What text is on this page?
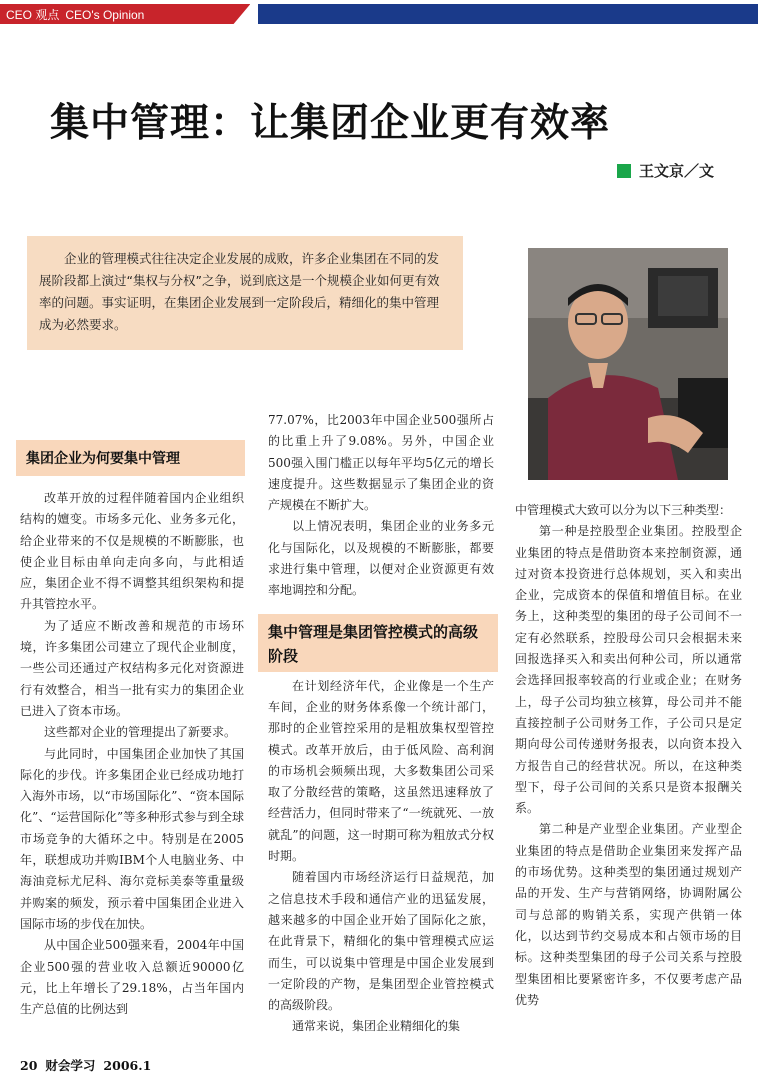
CEO 观点 CEO's Opinion
集中管理：让集团企业更有效率
王文京／文
企业的管理模式往往决定企业发展的成败，许多企业集团在不同的发展阶段都上演过“集权与分权”之争，说到底这是一个规模企业如何更有效率的问题。事实证明，在集团企业发展到一定阶段后，精细化的集中管理成为必然要求。
集团企业为何要集中管理
集中管理是集团管控模式的高级阶段

改革开放的过程伴随着国内企业组织结构的嬗变。市场多元化、业务多元化，给企业带来的不仅是规模的不断膨胀，也使企业目标由单向走向多向，与此相适应，集团企业不得不调整其组织架构和提升其管控水平。

为了适应不断改善和规范的市场环境，许多集团公司建立了现代企业制度，一些公司还通过产权结构多元化对资源进行有效整合，相当一批有实力的集团企业已进入了资本市场。

这些都对企业的管理提出了新要求。

与此同时，中国集团企业加快了其国际化的步伐。许多集团企业已经成功地打入海外市场，以“市场国际化”、“资本国际化”、“运营国际化”等多种形式参与到全球市场竞争的大循环之中。特别是在2005年，联想成功并购IBM个人电脑业务、中海油竞标尤尼科、海尔竞标美泰等重量级并购案的频发，预示着中国集团企业进入国际市场的步伐在加快。

从中国企业500强来看，2004年中国企业500强的营业收入总额近90000亿元，比上年增长了29.18%，占当年国内生产总值的比例达到

77.07%，比2003年中国企业500强所占的比重上升了9.08%。另外，中国企业500强入围门槛正以每年平均5亿元的增长速度提升。这些数据显示了集团企业的资产规模在不断扩大。

以上情况表明，集团企业的业务多元化与国际化，以及规模的不断膨胀，都要求进行集中管理，以便对企业资源更有效率地调控和分配。

在计划经济年代，企业像是一个生产车间，企业的财务体系像一个统计部门，那时的企业管控采用的是粗放集权型管控模式。改革开放后，由于低风险、高利润的市场机会频频出现，大多数集团公司采取了分散经营的策略，这虽然迅速释放了经营活力，但同时带来了“一统就死、一放就乱”的问题，这一时期可称为粗放式分权时期。

随着国内市场经济运行日益规范，加之信息技术手段和通信产业的迅猛发展，越来越多的中国企业开始了国际化之旅，在此背景下，精细化的集中管理模式应运而生，可以说集中管理是中国企业发展到一定阶段的产物，是集团型企业管控模式的高级阶段。

通常来说，集团企业精细化的集

中管理模式大致可以分为以下三种类型：

第一种是控股型企业集团。控股型企业集团的特点是借助资本来控制资源，通过对资本投资进行总体规划，买入和卖出企业，完成资本的保值和增值目标。在业务上，这种类型的集团的母子公司间不一定有必然联系，控股母公司只会根据未来回报选择买入和卖出何种公司，所以通常会选择回报率较高的行业或企业；在财务上，母子公司均独立核算，母公司并不能直接控制子公司财务工作，子公司只是定期向母公司传递财务报表，以向资本投入方报告自己的经营状况。所以，在这种类型下，母子公司间的关系只是资本报酬关系。

第二种是产业型企业集团。产业型企业集团的特点是借助企业集团来发挥产品的市场优势。这种类型的集团通过规划产品的开发、生产与营销网络，协调附属公司与总部的购销关系，实现产供销一体化，以达到节约交易成本和占领市场的目标。这种类型集团的母子公司关系与控股型集团相比要紧密许多，不仅要考虑产品优势

20 财会学习 2006.1
